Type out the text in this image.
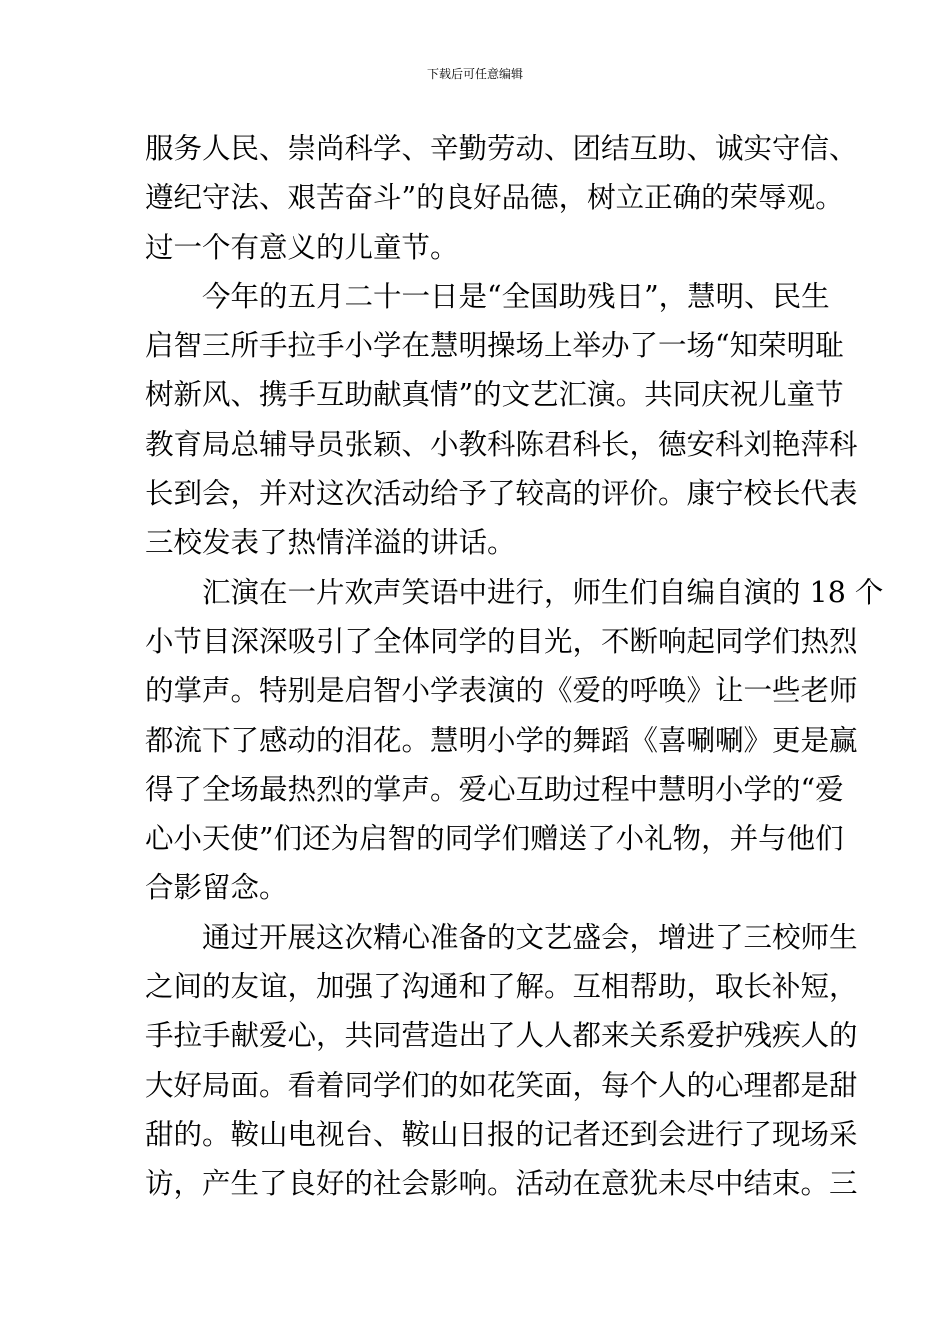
下载后可任意编辑
服务人民、崇尚科学、辛勤劳动、团结互助、诚实守信、
遵纪守法、艰苦奋斗”的良好品德，树立正确的荣辱观。
过一个有意义的儿童节。
今年的五月二十一日是“全国助残日”，慧明、民生
启智三所手拉手小学在慧明操场上举办了一场“知荣明耻
树新风、携手互助献真情”的文艺汇演。共同庆祝儿童节
教育局总辅导员张颖、小教科陈君科长，德安科刘艳萍科
长到会，并对这次活动给予了较高的评价。康宁校长代表
三校发表了热情洋溢的讲话。
汇演在一片欢声笑语中进行，师生们自编自演的 18 个
小节目深深吸引了全体同学的目光，不断响起同学们热烈
的掌声。特别是启智小学表演的《爱的呼唤》让一些老师
都流下了感动的泪花。慧明小学的舞蹈《喜唰唰》更是赢
得了全场最热烈的掌声。爱心互助过程中慧明小学的“爱
心小天使”们还为启智的同学们赠送了小礼物，并与他们
合影留念。
通过开展这次精心准备的文艺盛会，增进了三校师生
之间的友谊，加强了沟通和了解。互相帮助，取长补短，
手拉手献爱心，共同营造出了人人都来关系爱护残疾人的
大好局面。看着同学们的如花笑面，每个人的心理都是甜
甜的。鞍山电视台、鞍山日报的记者还到会进行了现场采
访，产生了良好的社会影响。活动在意犹未尽中结束。三
